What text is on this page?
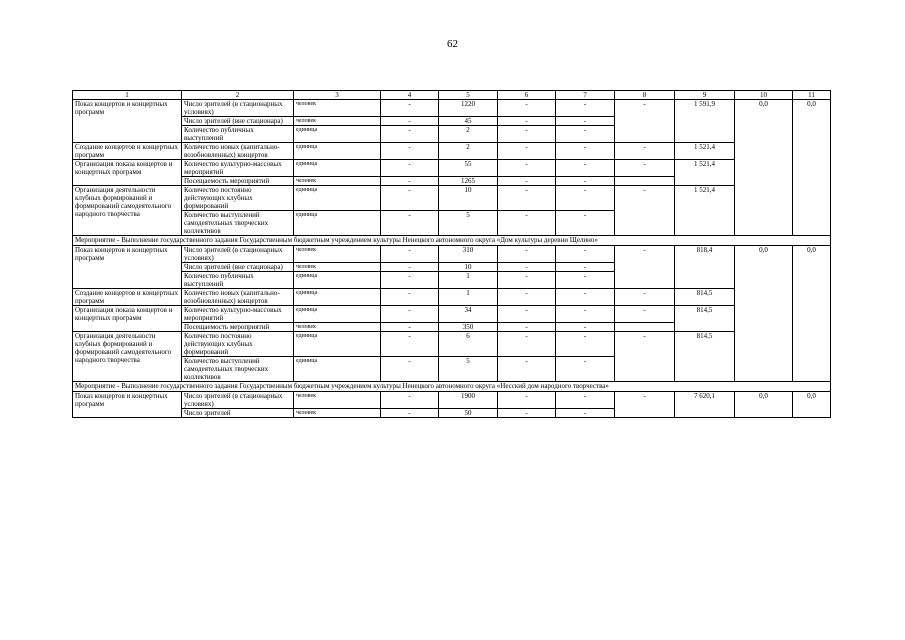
62
1	2	3	4	5	6	7	8	9	10	11
Показ концертов и концертных программ	Число зрителей (в стационарных условиях)	человек	-	1220	-	-	-	1 591,9	0,0	0,0
	Число зрителей (вне стационара)	человек	-	45	-	-				
	Количество публичных выступлений	единица	-	2	-	-				
Создание концертов и концертных программ	Количество новых (капитально-возобновленных) концертов	единица	-	2	-	-	-	1 521,4		
Организация показа концертов и концертных программ	Количество культурно-массовых мероприятий	единица	-	55	-	-	-	1 521,4		
	Посещаемость мероприятий	человек	-	1265	-	-				
Организация деятельности клубных формирований и формирований самодеятельного народного творчества	Количество постоянно действующих клубных формирований	единица	-	10	-	-	-	1 521,4		
	Количество выступлений самодеятельных творческих коллективов	единица	-	5	-	-				
Мероприятие - Выполнение государственного задания Государственным бюджетным учреждением культуры Ненецкого автономного округа «Дом культуры деревни Щелино»										
Показ концертов и концертных программ	Число зрителей (в стационарных условиях)	человек	-	310	-	-	-	818,4	0,0	0,0
	Число зрителей (вне стационара)	человек	-	10	-	-				
	Количество публичных выступлений	единица	-	1	-	-				
Создание концертов и концертных программ	Количество новых (капитально-возобновленных) концертов	единица	-	1	-	-	-	814,5		
Организация показа концертов и концертных программ	Количество культурно-массовых мероприятий	единица	-	34	-	-	-	814,5		
	Посещаемость мероприятий	человек	-	350	-	-				
Организация деятельности клубных формирований и формирований самодеятельного народного творчества	Количество постоянно действующих клубных формирований	единица	-	6	-	-	-	814,5		
	Количество выступлений самодеятельных творческих коллективов	единица	-	5	-	-				
Мероприятие - Выполнение государственного задания Государственным бюджетным учреждением культуры Ненецкого автономного округа «Несский дом народного творчества»										
Показ концертов и концертных программ	Число зрителей (в стационарных условиях)	человек	-	1900	-	-	-	7 620,1	0,0	0,0
	Число зрителей	человек	-	50	-	-				
